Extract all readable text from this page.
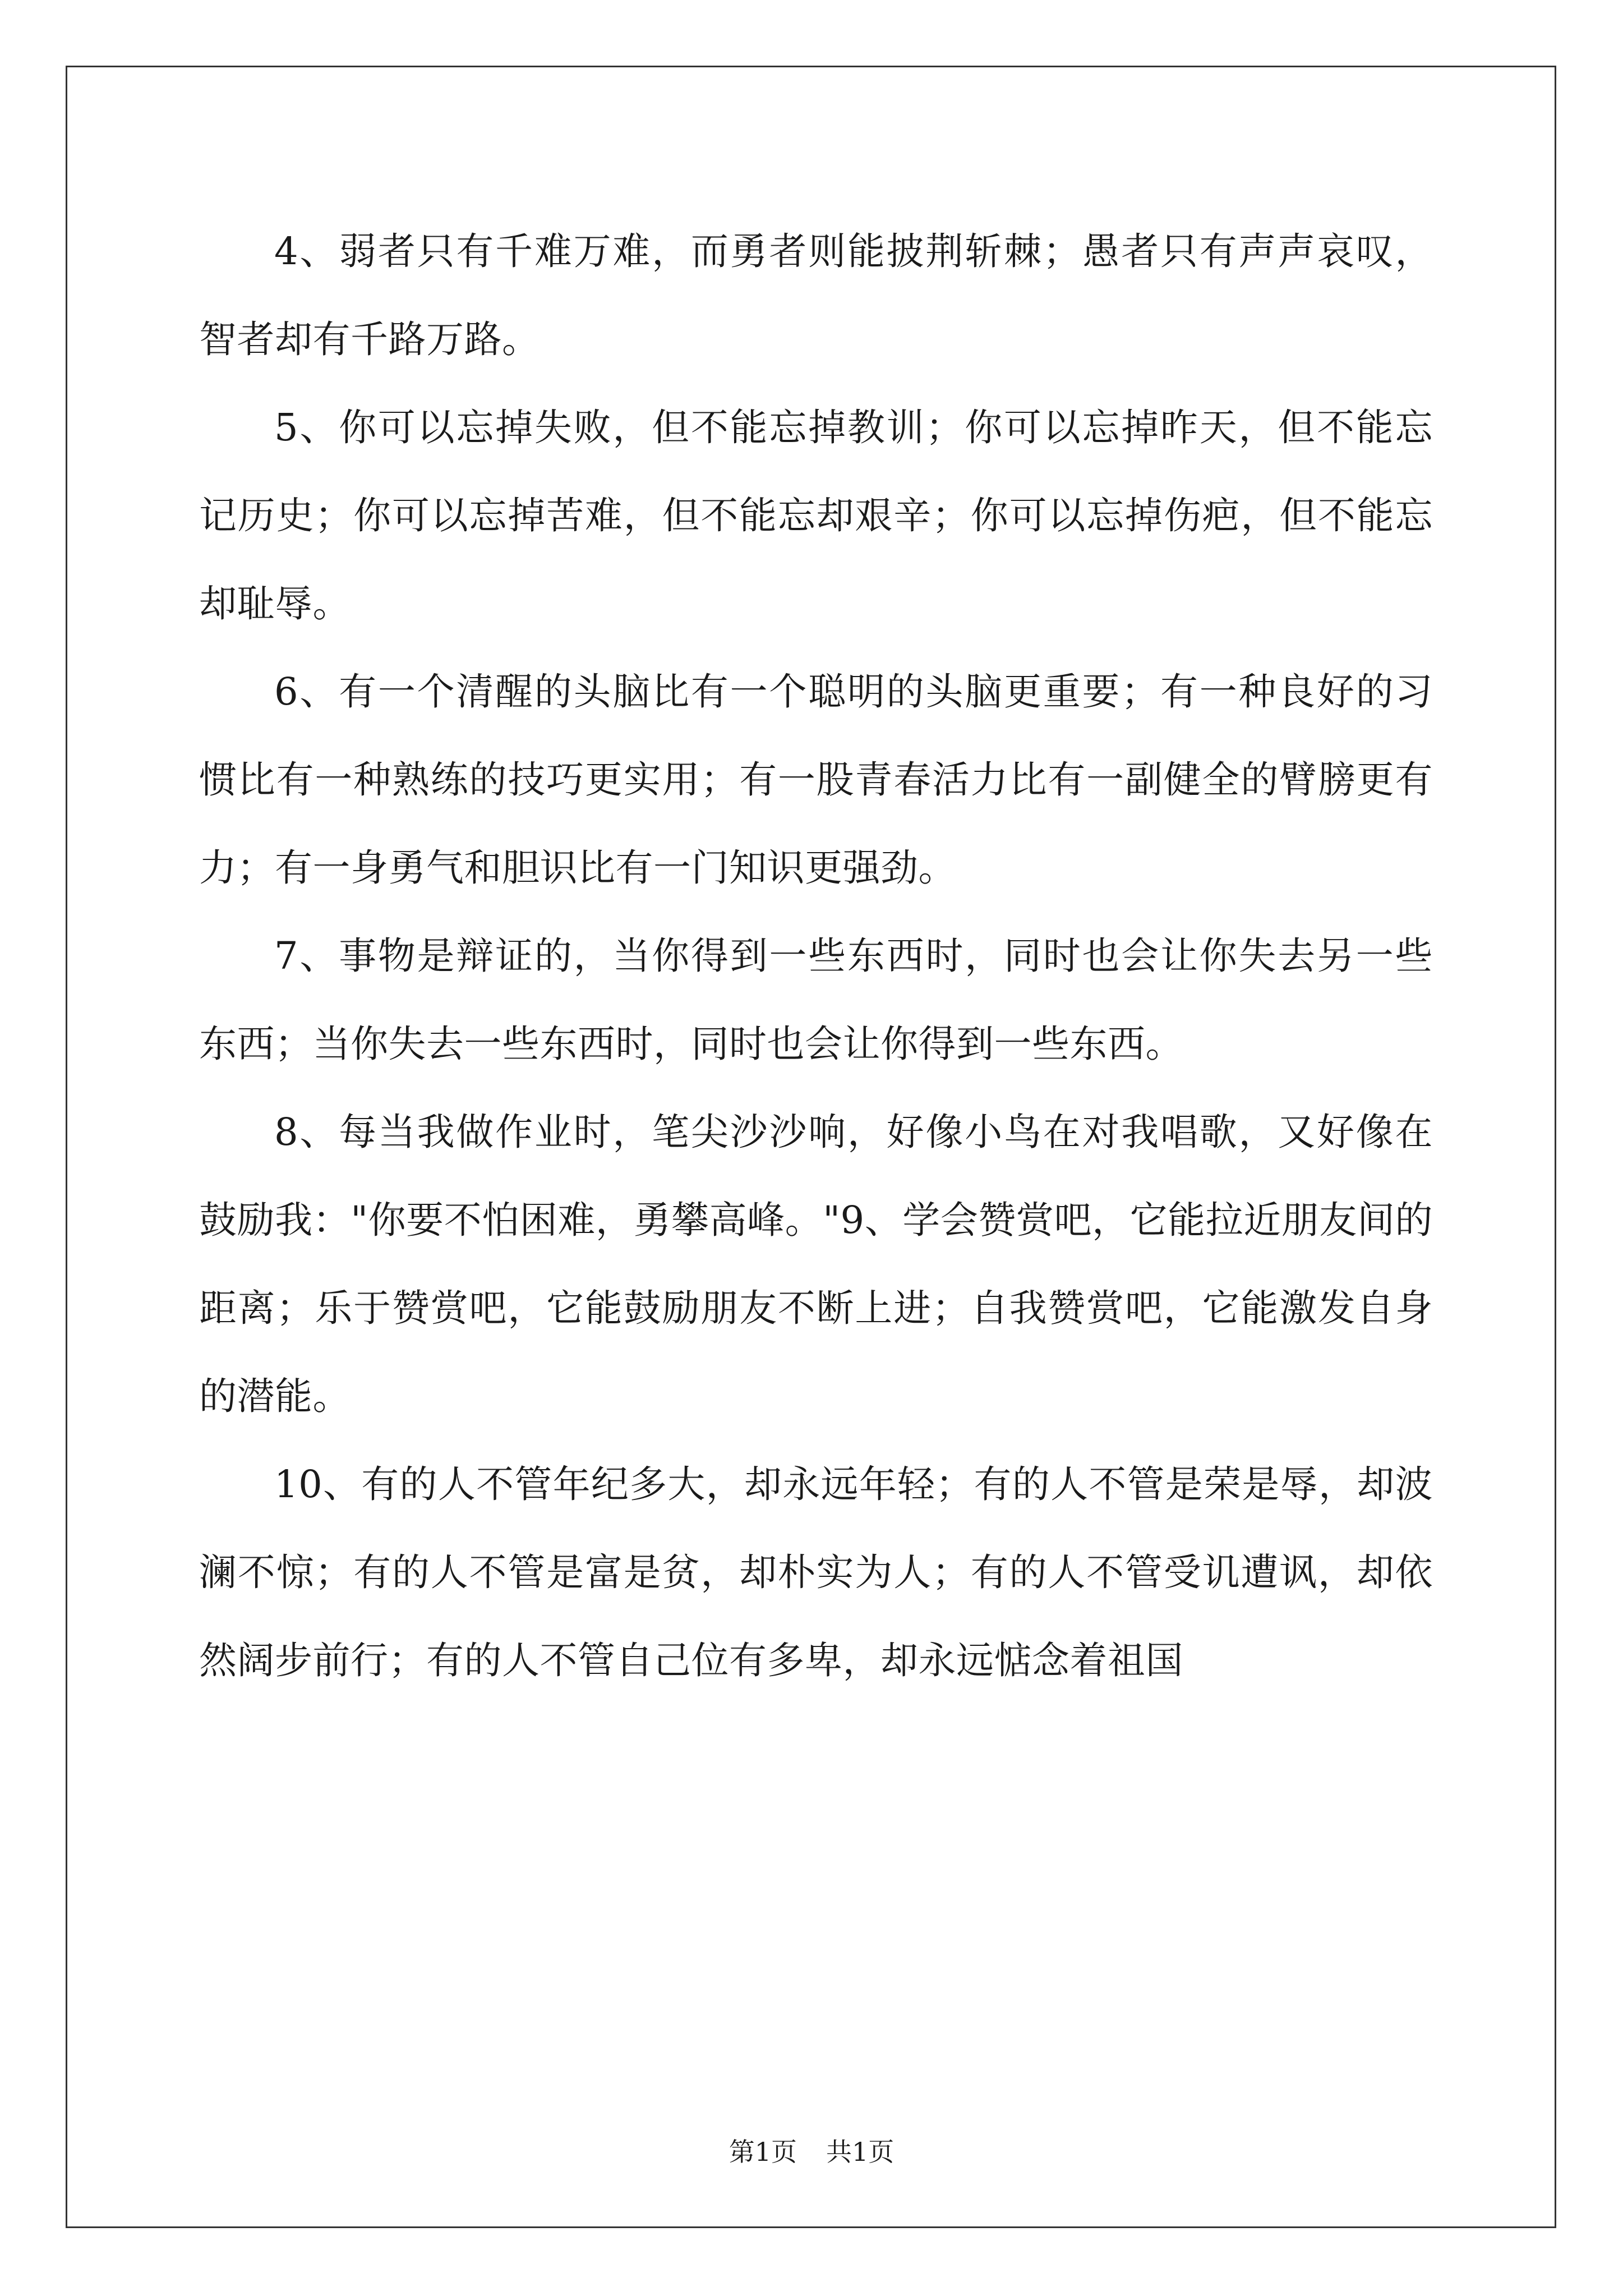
4、弱者只有千难万难，而勇者则能披荆斩棘；愚者只有声声哀叹，智者却有千路万路。

5、你可以忘掉失败，但不能忘掉教训；你可以忘掉昨天，但不能忘记历史；你可以忘掉苦难，但不能忘却艰辛；你可以忘掉伤疤，但不能忘却耻辱。

6、有一个清醒的头脑比有一个聪明的头脑更重要；有一种良好的习惯比有一种熟练的技巧更实用；有一股青春活力比有一副健全的臂膀更有力；有一身勇气和胆识比有一门知识更强劲。

7、事物是辩证的，当你得到一些东西时，同时也会让你失去另一些东西；当你失去一些东西时，同时也会让你得到一些东西。

8、每当我做作业时，笔尖沙沙响，好像小鸟在对我唱歌，又好像在鼓励我："你要不怕困难，勇攀高峰。"9、学会赞赏吧，它能拉近朋友间的距离；乐于赞赏吧，它能鼓励朋友不断上进；自我赞赏吧，它能激发自身的潜能。

10、有的人不管年纪多大，却永远年轻；有的人不管是荣是辱，却波澜不惊；有的人不管是富是贫，却朴实为人；有的人不管受讥遭讽，却依然阔步前行；有的人不管自己位有多卑，却永远惦念着祖国

第1页 共1页
